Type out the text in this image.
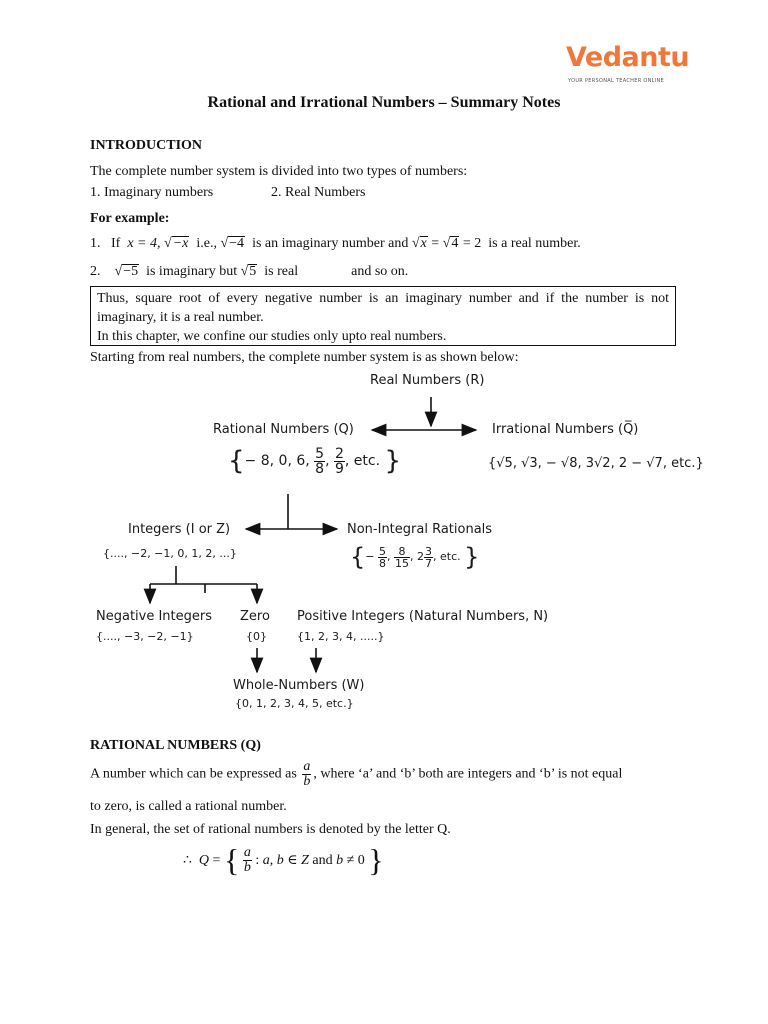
Vedantu
YOUR PERSONAL TEACHER ONLINE
Rational and Irrational Numbers – Summary Notes
INTRODUCTION
The complete number system is divided into two types of numbers:
1. Imaginary numbers	2. Real Numbers
For example:
1. If x = 4, √−x i.e., √−4 is an imaginary number and √x = √4 = 2  is a real number.
2.    √−5 is imaginary but √5 is real	and so on.
Thus, square root of every negative number is an imaginary number and if the number is not imaginary, it is a real number.
In this chapter, we confine our studies only upto real numbers.
Starting from real numbers, the complete number system is as shown below:
Real Numbers (R)
Rational Numbers (Q)
{− 8, 0, 6, $\frac{5}{8}$ , $\frac{2}{9}$ , etc. }
Irrational Numbers (Q̅)
{√5, √3, − √8, 3√2, 2 − √7, etc.}
Integers (I or Z)
{...., −2, −1, 0, 1, 2, ...}
Non-Integral Rationals
{− $\frac{5}{8}$ , $\frac{8}{15}$ , $2 \frac{3}{7}$ , etc. }
Negative Integers
{...., −3, −2, −1}
Zero
{0}
Positive Integers (Natural Numbers, N)
{1, 2, 3, 4, .....}
Whole-Numbers (W)
{0, 1, 2, 3, 4, 5, etc.}
RATIONAL NUMBERS (Q)
A number which can be expressed as $\frac{a}{b}$ , where ‘a’ and ‘b’ both are integers and ‘b’ is not equal
to zero, is called a rational number.
In general, the set of rational numbers is denoted by the letter Q.
∴  Q = { $\frac{a}{b}$ : a, b ∈ Z and b ≠ 0 }
